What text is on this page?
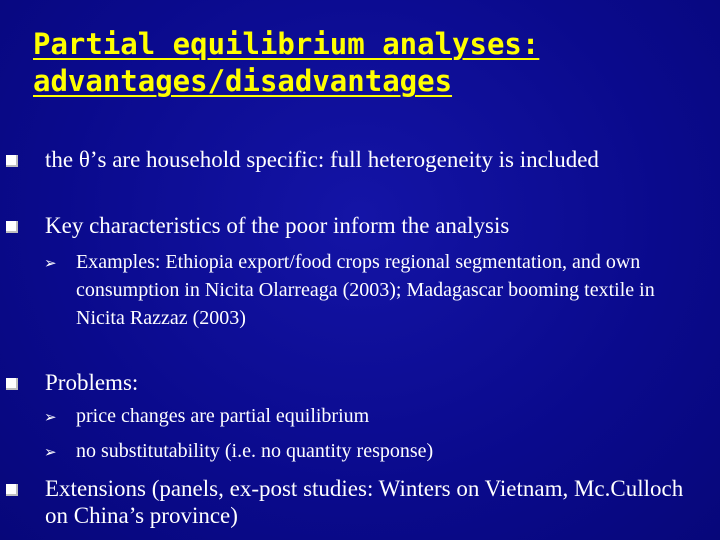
Partial equilibrium analyses:
advantages/disadvantages
the θ’s are household specific: full heterogeneity is included
Key characteristics of the poor inform the analysis
➢ Examples: Ethiopia export/food crops regional segmentation, and own consumption in Nicita Olarreaga (2003); Madagascar booming textile in Nicita Razzaz (2003)
Problems:
➢ price changes are partial equilibrium
➢ no substitutability (i.e. no quantity response)
Extensions (panels, ex-post studies: Winters on Vietnam, Mc.Culloch on China’s province)
